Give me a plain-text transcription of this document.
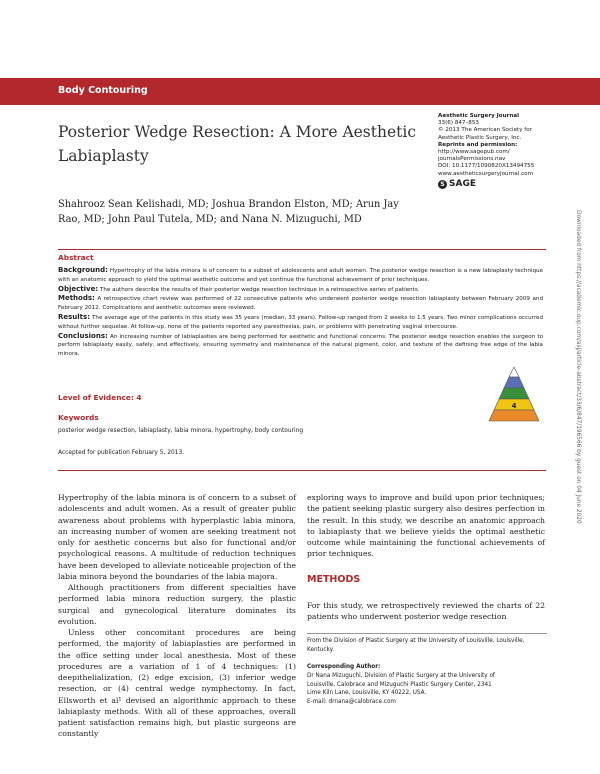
Body Contouring
Posterior Wedge Resection: A More Aesthetic Labiaplasty
Aesthetic Surgery Journal
33(6) 847–853
© 2013 The American Society for
Aesthetic Plastic Surgery, Inc.
Reprints and permission:
http://www.sagepub.com/
journalsPermissions.nav
DOI: 10.1177/1090820X13494755
www.aestheticsurgeryjournal.com
S SAGE
Shahrooz Sean Kelishadi, MD; Joshua Brandon Elston, MD; Arun Jay Rao, MD; John Paul Tutela, MD; and Nana N. Mizuguchi, MD
Abstract

Background: Hypertrophy of the labia minora is of concern to a subset of adolescents and adult women. The posterior wedge resection is a new labiaplasty technique with an anatomic approach to yield the optimal aesthetic outcome and yet continue the functional achievement of prior techniques.

Objective: The authors describe the results of their posterior wedge resection technique in a retrospective series of patients.

Methods: A retrospective chart review was performed of 22 consecutive patients who underwent posterior wedge resection labiaplasty between February 2009 and February 2012. Complications and aesthetic outcomes were reviewed.

Results: The average age of the patients in this study was 35 years (median, 33 years). Follow-up ranged from 2 weeks to 1.5 years. Two minor complications occurred without further sequelae. At follow-up, none of the patients reported any paresthesias, pain, or problems with penetrating vaginal intercourse.

Conclusions: An increasing number of labiaplasties are being performed for aesthetic and functional concerns. The posterior wedge resection enables the surgeon to perform labiaplasty easily, safely, and effectively, ensuring symmetry and maintenance of the natural pigment, color, and texture of the defining free edge of the labia minora.

Level of Evidence: 4
4
Keywords
posterior wedge resection, labiaplasty, labia minora, hypertrophy, body contouring
Accepted for publication February 5, 2013.

Hypertrophy of the labia minora is of concern to a subset of adolescents and adult women. As a result of greater public awareness about problems with hyperplastic labia minora, an increasing number of women are seeking treatment not only for aesthetic concerns but also for functional and/or psychological reasons. A multitude of reduction techniques have been developed to alleviate noticeable projection of the labia minora beyond the boundaries of the labia majora.

Although practitioners from different specialties have performed labia minora reduction surgery, the plastic surgical and gynecological literature dominates its evolution.

Unless other concomitant procedures are being performed, the majority of labiaplasties are performed in the office setting under local anesthesia. Most of these procedures are a variation of 1 of 4 techniques: (1) deepithelialization, (2) edge excision, (3) inferior wedge resection, or (4) central wedge nymphectomy. In fact, Ellsworth et al¹ devised an algorithmic approach to these labiaplasty methods. With all of these approaches, overall patient satisfaction remains high, but plastic surgeons are constantly

exploring ways to improve and build upon prior techniques; the patient seeking plastic surgery also desires perfection in the result. In this study, we describe an anatomic approach to labiaplasty that we believe yields the optimal aesthetic outcome while maintaining the functional achievements of prior techniques.

METHODS

For this study, we retrospectively reviewed the charts of 22 patients who underwent posterior wedge resection

From the Division of Plastic Surgery at the University of Louisville, Louisville, Kentucky.

Corresponding Author:

Dr Nana Mizuguchi, Division of Plastic Surgery at the University of

Louisville, Calobrace and Mizuguchi Plastic Surgery Center, 2341

Lime Kiln Lane, Louisville, KY 40222, USA.

E-mail: drnana@calobrace.com

Downloaded from https://academic.oup.com/asj/article-abstract/33/6/847/196566 by guest on 04 June 2020
